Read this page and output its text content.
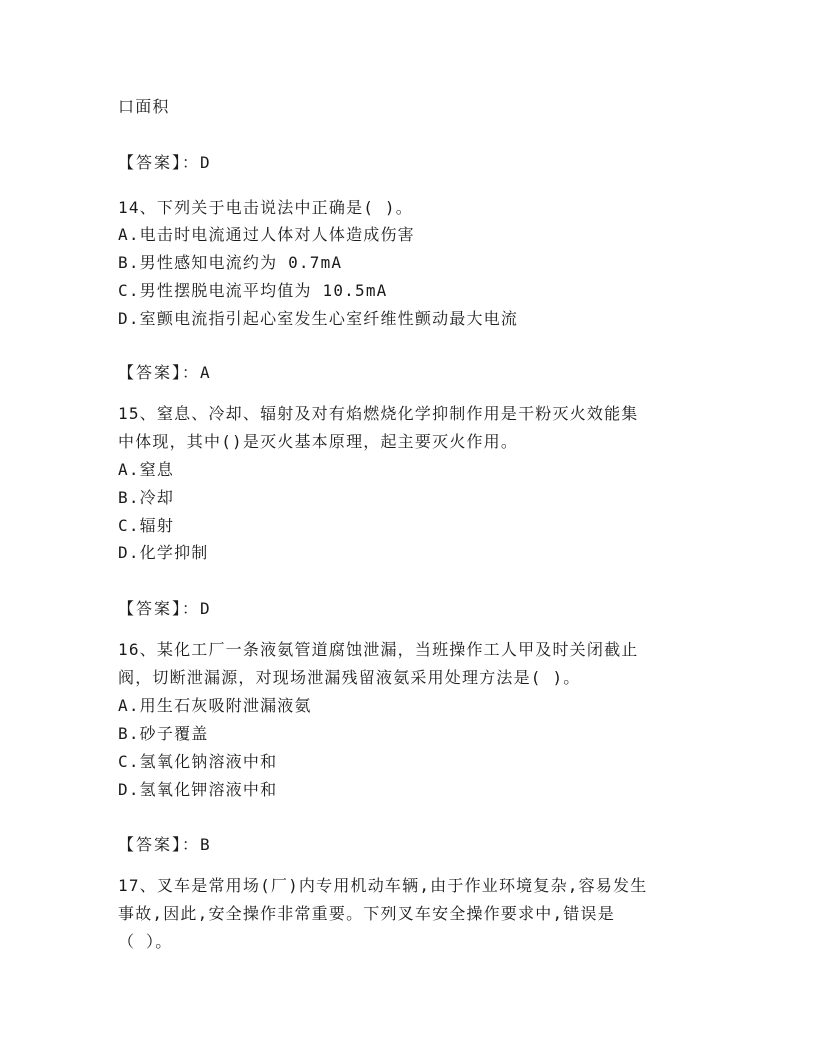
口面积
【答案】：D
14、下列关于电击说法中正确是( )。
A.电击时电流通过人体对人体造成伤害
B.男性感知电流约为 0.7mA
C.男性摆脱电流平均值为 10.5mA
D.室颤电流指引起心室发生心室纤维性颤动最大电流
【答案】：A
15、窒息、冷却、辐射及对有焰燃烧化学抑制作用是干粉灭火效能集
中体现，其中()是灭火基本原理，起主要灭火作用。
A.窒息
B.冷却
C.辐射
D.化学抑制
【答案】：D
16、某化工厂一条液氨管道腐蚀泄漏，当班操作工人甲及时关闭截止
阀，切断泄漏源，对现场泄漏残留液氨采用处理方法是( )。
A.用生石灰吸附泄漏液氨
B.砂子覆盖
C.氢氧化钠溶液中和
D.氢氧化钾溶液中和
【答案】：B
17、叉车是常用场(厂)内专用机动车辆,由于作业环境复杂,容易发生
事故,因此,安全操作非常重要。下列叉车安全操作要求中,错误是
（ ）。
